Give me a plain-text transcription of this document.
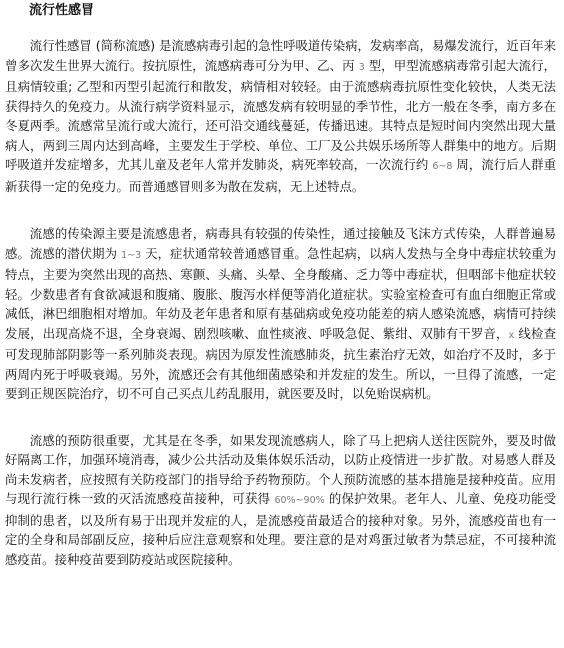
流行性感冒

流行性感冒 (简称流感) 是流感病毒引起的急性呼吸道传染病，发病率高，易爆发流行，近百年来曾多次发生世界大流行。按抗原性，流感病毒可分为甲、乙、丙 3 型，甲型流感病毒常引起大流行，且病情较重; 乙型和丙型引起流行和散发，病情相对较轻。由于流感病毒抗原性变化较快，人类无法获得持久的免疫力。从流行病学资料显示，流感发病有较明显的季节性，北方一般在冬季，南方多在冬夏两季。流感常呈流行或大流行，还可沿交通线蔓延，传播迅速。其特点是短时间内突然出现大量病人，两到三周内达到高峰，主要发生于学校、单位、工厂及公共娱乐场所等人群集中的地方。后期呼吸道并发症增多，尤其儿童及老年人常并发肺炎，病死率较高，一次流行约 6~8 周，流行后人群重新获得一定的免疫力。而普通感冒则多为散在发病，无上述特点。

流感的传染源主要是流感患者，病毒具有较强的传染性，通过接触及飞沫方式传染，人群普遍易感。流感的潜伏期为 1~3 天，症状通常较普通感冒重。急性起病，以病人发热与全身中毒症状较重为特点，主要为突然出现的高热、寒颤、头痛、头晕、全身酸痛、乏力等中毒症状，但咽部卡他症状较轻。少数患者有食欲减退和腹痛、腹胀、腹泻水样便等消化道症状。实验室检查可有血白细胞正常或减低，淋巴细胞相对增加。年幼及老年患者和原有基础病或免疫功能差的病人感染流感，病情可持续发展，出现高烧不退，全身衰竭、剧烈咳嗽、血性痰液、呼吸急促、紫绀、双肺有干罗音，x 线检查可发现肺部阴影等一系列肺炎表现。病因为原发性流感肺炎，抗生素治疗无效，如治疗不及时，多于两周内死于呼吸衰竭。另外，流感还会有其他细菌感染和并发症的发生。所以，一旦得了流感，一定要到正规医院治疗，切不可自己买点儿药乱服用，就医要及时，以免贻误病机。

流感的预防很重要，尤其是在冬季，如果发现流感病人，除了马上把病人送往医院外，要及时做好隔离工作，加强环境消毒，减少公共活动及集体娱乐活动，以防止疫情进一步扩散。对易感人群及尚未发病者，应按照有关防疫部门的指导给予药物预防。个人预防流感的基本措施是接种疫苗。应用与现行流行株一致的灭活流感疫苗接种，可获得 60%~90% 的保护效果。老年人、儿童、免疫功能受抑制的患者，以及所有易于出现并发症的人，是流感疫苗最适合的接种对象。另外，流感疫苗也有一定的全身和局部副反应，接种后应注意观察和处理。要注意的是对鸡蛋过敏者为禁忌症，不可接种流感疫苗。接种疫苗要到防疫站或医院接种。
